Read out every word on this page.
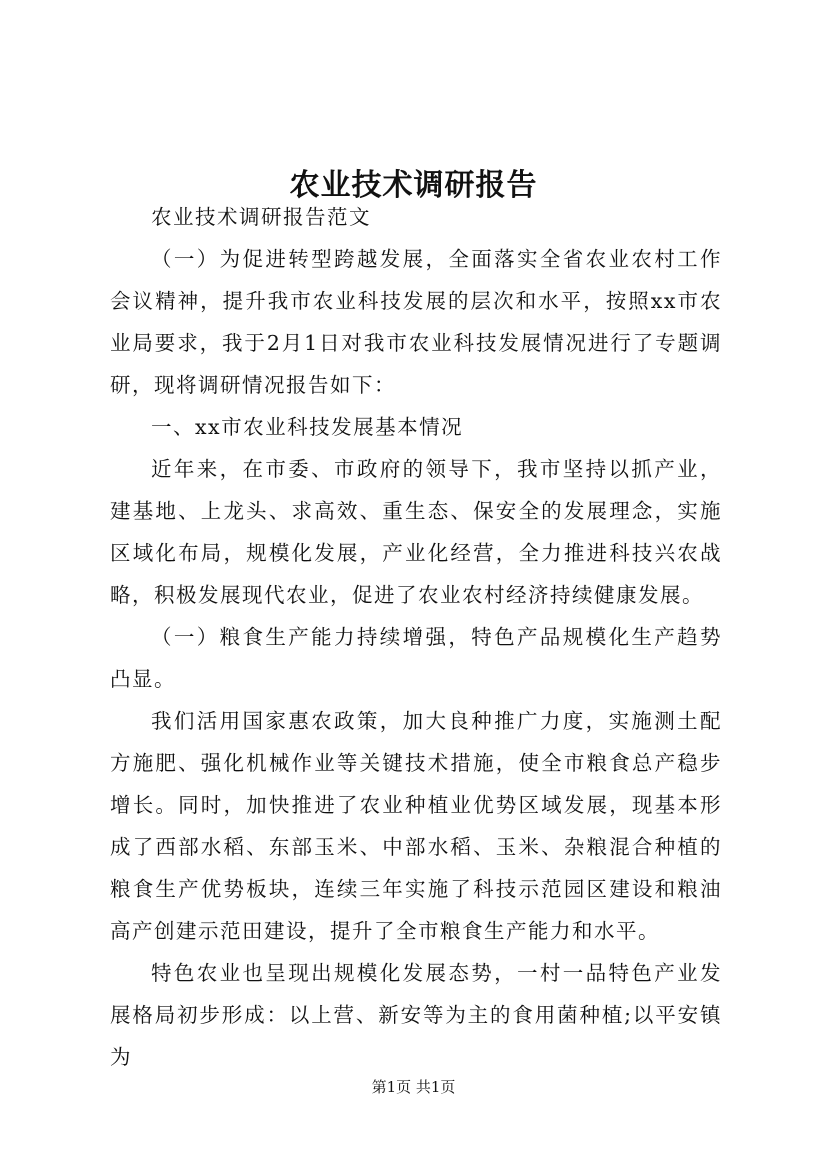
农业技术调研报告

农业技术调研报告范文

（一）为促进转型跨越发展，全面落实全省农业农村工作会议精神，提升我市农业科技发展的层次和水平，按照xx市农业局要求，我于2月1日对我市农业科技发展情况进行了专题调研，现将调研情况报告如下：

一、xx市农业科技发展基本情况

近年来，在市委、市政府的领导下，我市坚持以抓产业，建基地、上龙头、求高效、重生态、保安全的发展理念，实施区域化布局，规模化发展，产业化经营，全力推进科技兴农战略，积极发展现代农业，促进了农业农村经济持续健康发展。

（一）粮食生产能力持续增强，特色产品规模化生产趋势凸显。

我们活用国家惠农政策，加大良种推广力度，实施测土配方施肥、强化机械作业等关键技术措施，使全市粮食总产稳步增长。同时，加快推进了农业种植业优势区域发展，现基本形成了西部水稻、东部玉米、中部水稻、玉米、杂粮混合种植的粮食生产优势板块，连续三年实施了科技示范园区建设和粮油高产创建示范田建设，提升了全市粮食生产能力和水平。

特色农业也呈现出规模化发展态势，一村一品特色产业发展格局初步形成：以上营、新安等为主的食用菌种植;以平安镇为

第1页 共1页
